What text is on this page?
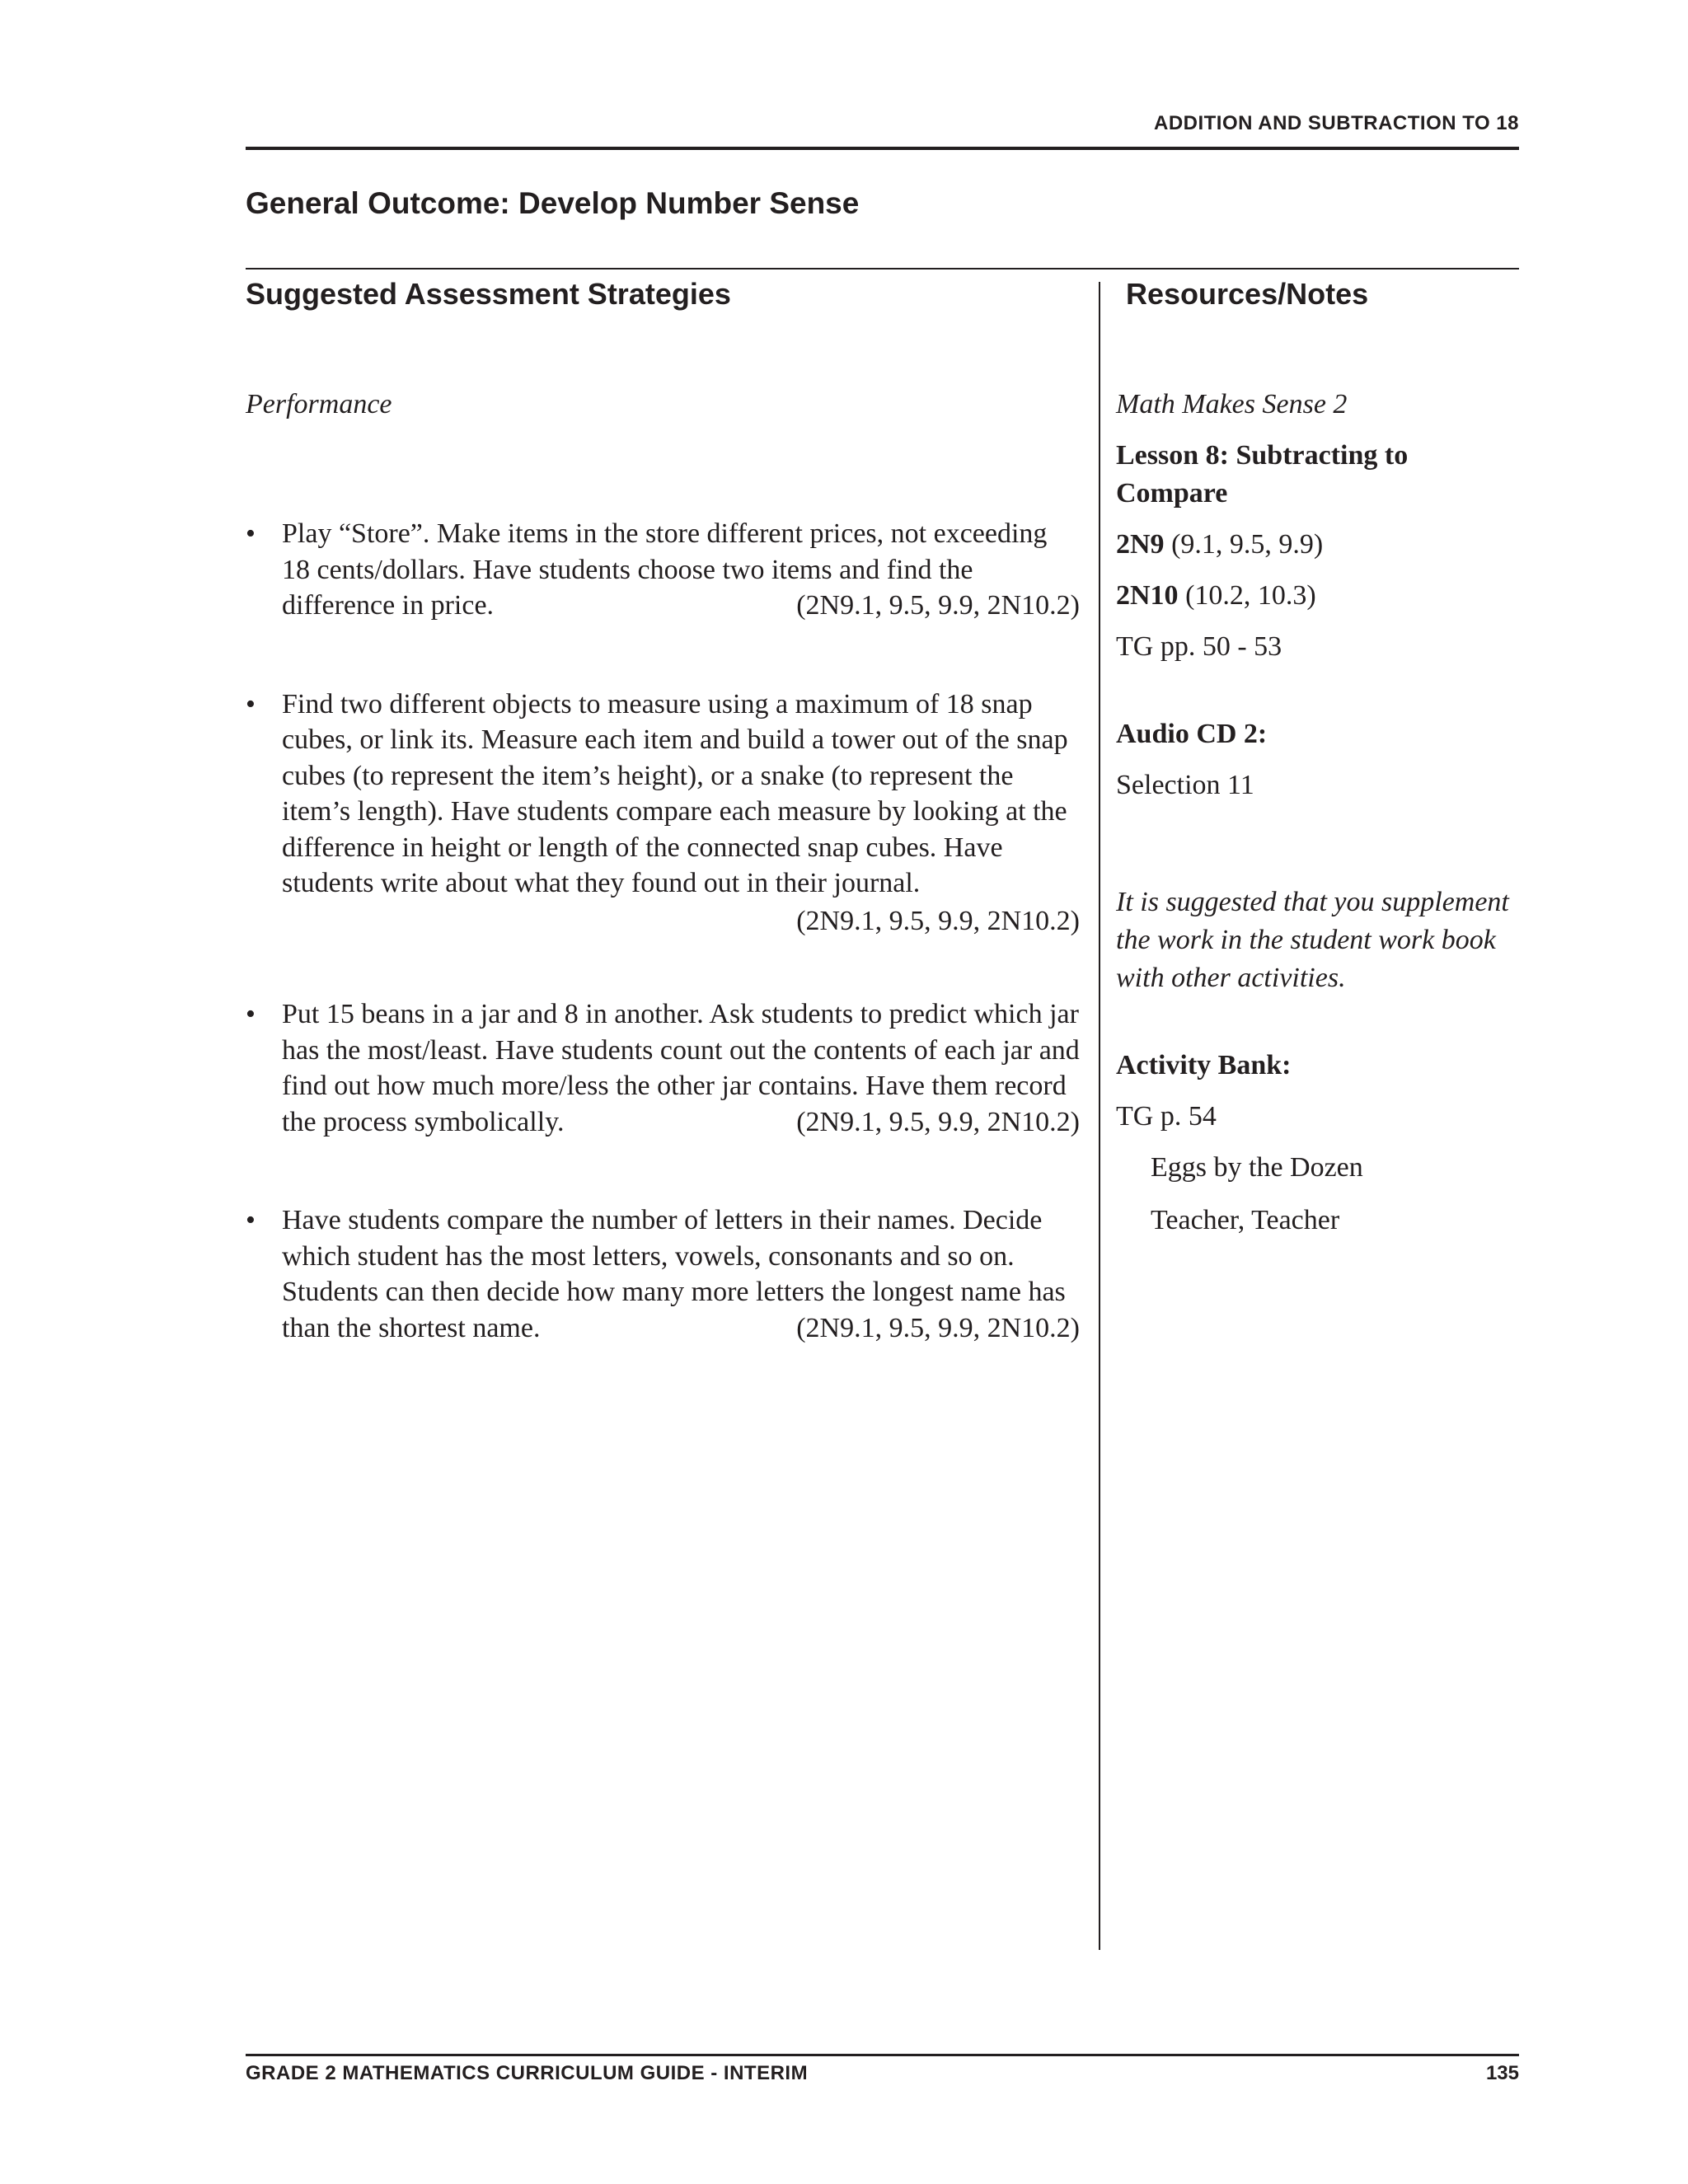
ADDITION AND SUBTRACTION TO 18
General Outcome: Develop Number Sense
Suggested Assessment Strategies	Resources/Notes
Performance
• Play “Store”. Make items in the store different prices, not exceeding 18 cents/dollars. Have students choose two items and find the difference in price.	(2N9.1, 9.5, 9.9, 2N10.2)
• Find two different objects to measure using a maximum of 18 snap cubes, or link its. Measure each item and build a tower out of the snap cubes (to represent the item’s height), or a snake (to represent the item’s length). Have students compare each measure by looking at the difference in height or length of the connected snap cubes. Have students write about what they found out in their journal.
(2N9.1, 9.5, 9.9, 2N10.2)
• Put 15 beans in a jar and 8 in another. Ask students to predict which jar has the most/least. Have students count out the contents of each jar and find out how much more/less the other jar contains. Have them record the process symbolically.	(2N9.1, 9.5, 9.9, 2N10.2)
• Have students compare the number of letters in their names. Decide which student has the most letters, vowels, consonants and so on. Students can then decide how many more letters the longest name has than the shortest name.	(2N9.1, 9.5, 9.9, 2N10.2)
Math Makes Sense 2
Lesson 8: Subtracting to Compare
2N9 (9.1, 9.5, 9.9)
2N10 (10.2, 10.3)
TG pp. 50 - 53
Audio CD 2:
Selection 11
It is suggested that you supplement the work in the student work book with other activities.
Activity Bank:
TG p. 54
Eggs by the Dozen
Teacher, Teacher
GRADE 2 MATHEMATICS CURRICULUM GUIDE - INTERIM	135
